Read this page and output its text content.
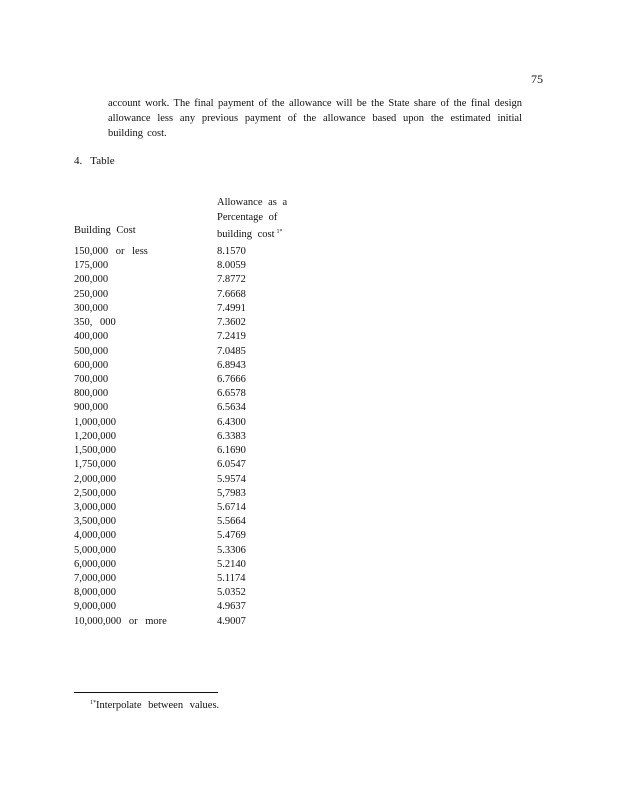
75

account work. The final payment of the allowance will be the State share of the final design allowance less any previous payment of the allowance based upon the estimated initial building cost.

4.   Table
Building Cost
Allowance as a
Percentage of
building cost $^{1*}$
150,000 or less	8.1570
175,000	8.0059
200,000	7.8772
250,000	7.6668
300,000	7.4991
350, 000	7.3602
400,000	7.2419
500,000	7.0485
600,000	6.8943
700,000	6.7666
800,000	6.6578
900,000	6.5634
1,000,000	6.4300
1,200,000	6.3383
1,500,000	6.1690
1,750,000	6.0547
2,000,000	5.9574
2,500,000	5,7983
3,000,000	5.6714
3,500,000	5.5664
4,000,000	5.4769
5,000,000	5.3306
6,000,000	5.2140
7,000,000	5.1174
8,000,000	5.0352
9,000,000	4.9637
10,000,000 or more	4.9007
$^{1*}$Interpolate between values.
